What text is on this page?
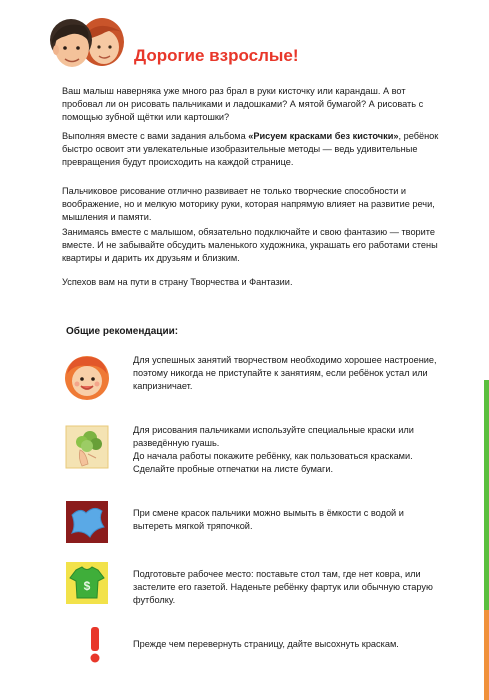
Дорогие взрослые!

Ваш малыш наверняка уже много раз брал в руки кисточку или карандаш. А вот пробовал ли он рисовать пальчиками и ладошками? А мятой бумагой? А рисовать с помощью зубной щётки или картошки?

Выполняя вместе с вами задания альбома «Рисуем красками без кисточки», ребёнок быстро освоит эти увлекательные изобразительные методы — ведь удивительные превращения будут происходить на каждой странице.

Пальчиковое рисование отлично развивает не только творческие способности и воображение, но и мелкую моторику руки, которая напрямую влияет на развитие речи, мышления и памяти.

Занимаясь вместе с малышом, обязательно подключайте и свою фантазию — творите вместе. И не забывайте обсудить маленького художника, украшать его работами стены квартиры и дарить их друзьям и близким.

Успехов вам на пути в страну Творчества и Фантазии.

Общие рекомендации:

Для успешных занятий творчеством необходимо хорошее настроение, поэтому никогда не приступайте к занятиям, если ребёнок устал или капризничает.

Для рисования пальчиками используйте специальные краски или разведённую гуашь.
До начала работы покажите ребёнку, как пользоваться красками. Сделайте пробные отпечатки на листе бумаги.

При смене красок пальчики можно вымыть в ёмкости с водой и вытереть мягкой тряпочкой.

$

Подготовьте рабочее место: поставьте стол там, где нет ковра, или застелите его газетой. Наденьте ребёнку фартук или обычную старую футболку.

Прежде чем перевернуть страницу, дайте высохнуть краскам.
